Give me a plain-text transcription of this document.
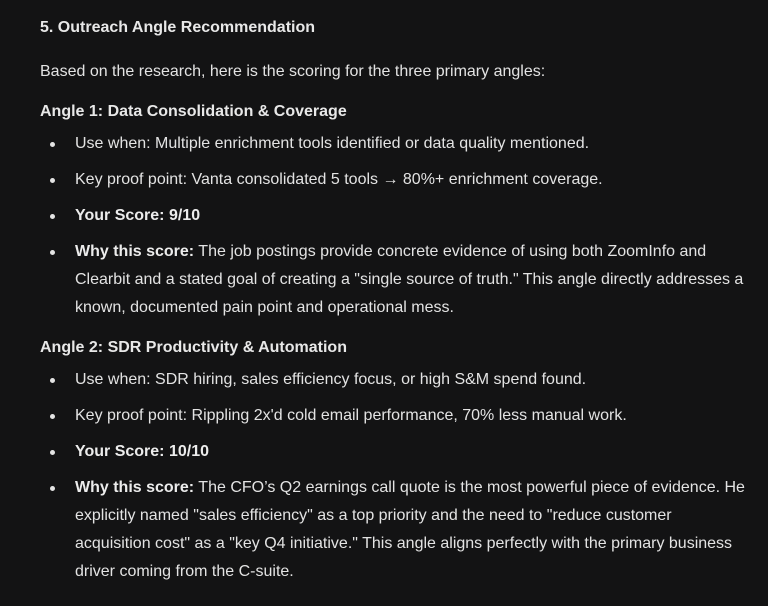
5. Outreach Angle Recommendation

Based on the research, here is the scoring for the three primary angles:

Angle 1: Data Consolidation & Coverage
Use when: Multiple enrichment tools identified or data quality mentioned.
Key proof point: Vanta consolidated 5 tools → 80%+ enrichment coverage.
Your Score: 9/10
Why this score: The job postings provide concrete evidence of using both ZoomInfo and Clearbit and a stated goal of creating a "single source of truth." This angle directly addresses a known, documented pain point and operational mess.
Angle 2: SDR Productivity & Automation
Use when: SDR hiring, sales efficiency focus, or high S&M spend found.
Key proof point: Rippling 2x'd cold email performance, 70% less manual work.
Your Score: 10/10
Why this score: The CFO’s Q2 earnings call quote is the most powerful piece of evidence. He explicitly named "sales efficiency" as a top priority and the need to "reduce customer acquisition cost" as a "key Q4 initiative." This angle aligns perfectly with the primary business driver coming from the C-suite.
